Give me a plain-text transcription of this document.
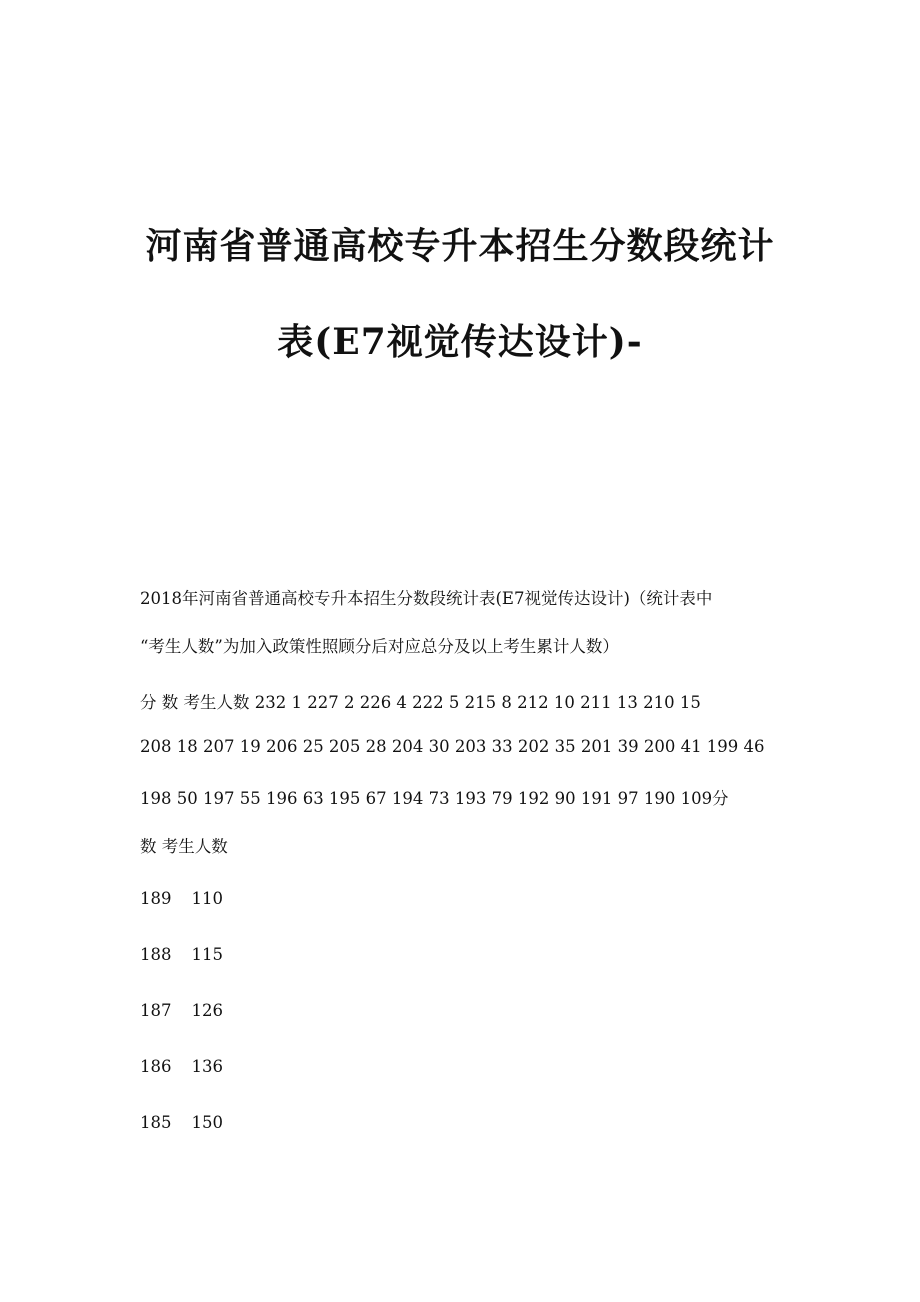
河南省普通高校专升本招生分数段统计
表(E7视觉传达设计)-
2018年河南省普通高校专升本招生分数段统计表(E7视觉传达设计)（统计表中
“考生人数”为加入政策性照顾分后对应总分及以上考生累计人数）
分 数 考生人数 232 1 227 2 226 4 222 5 215 8 212 10 211 13 210 15
208 18 207 19 206 25 205 28 204 30 203 33 202 35 201 39 200 41 199 46
198 50 197 55 196 63 195 67 194 73 193 79 192 90 191 97 190 109分
数 考生人数
189 110
188 115
187 126
186 136
185 150
